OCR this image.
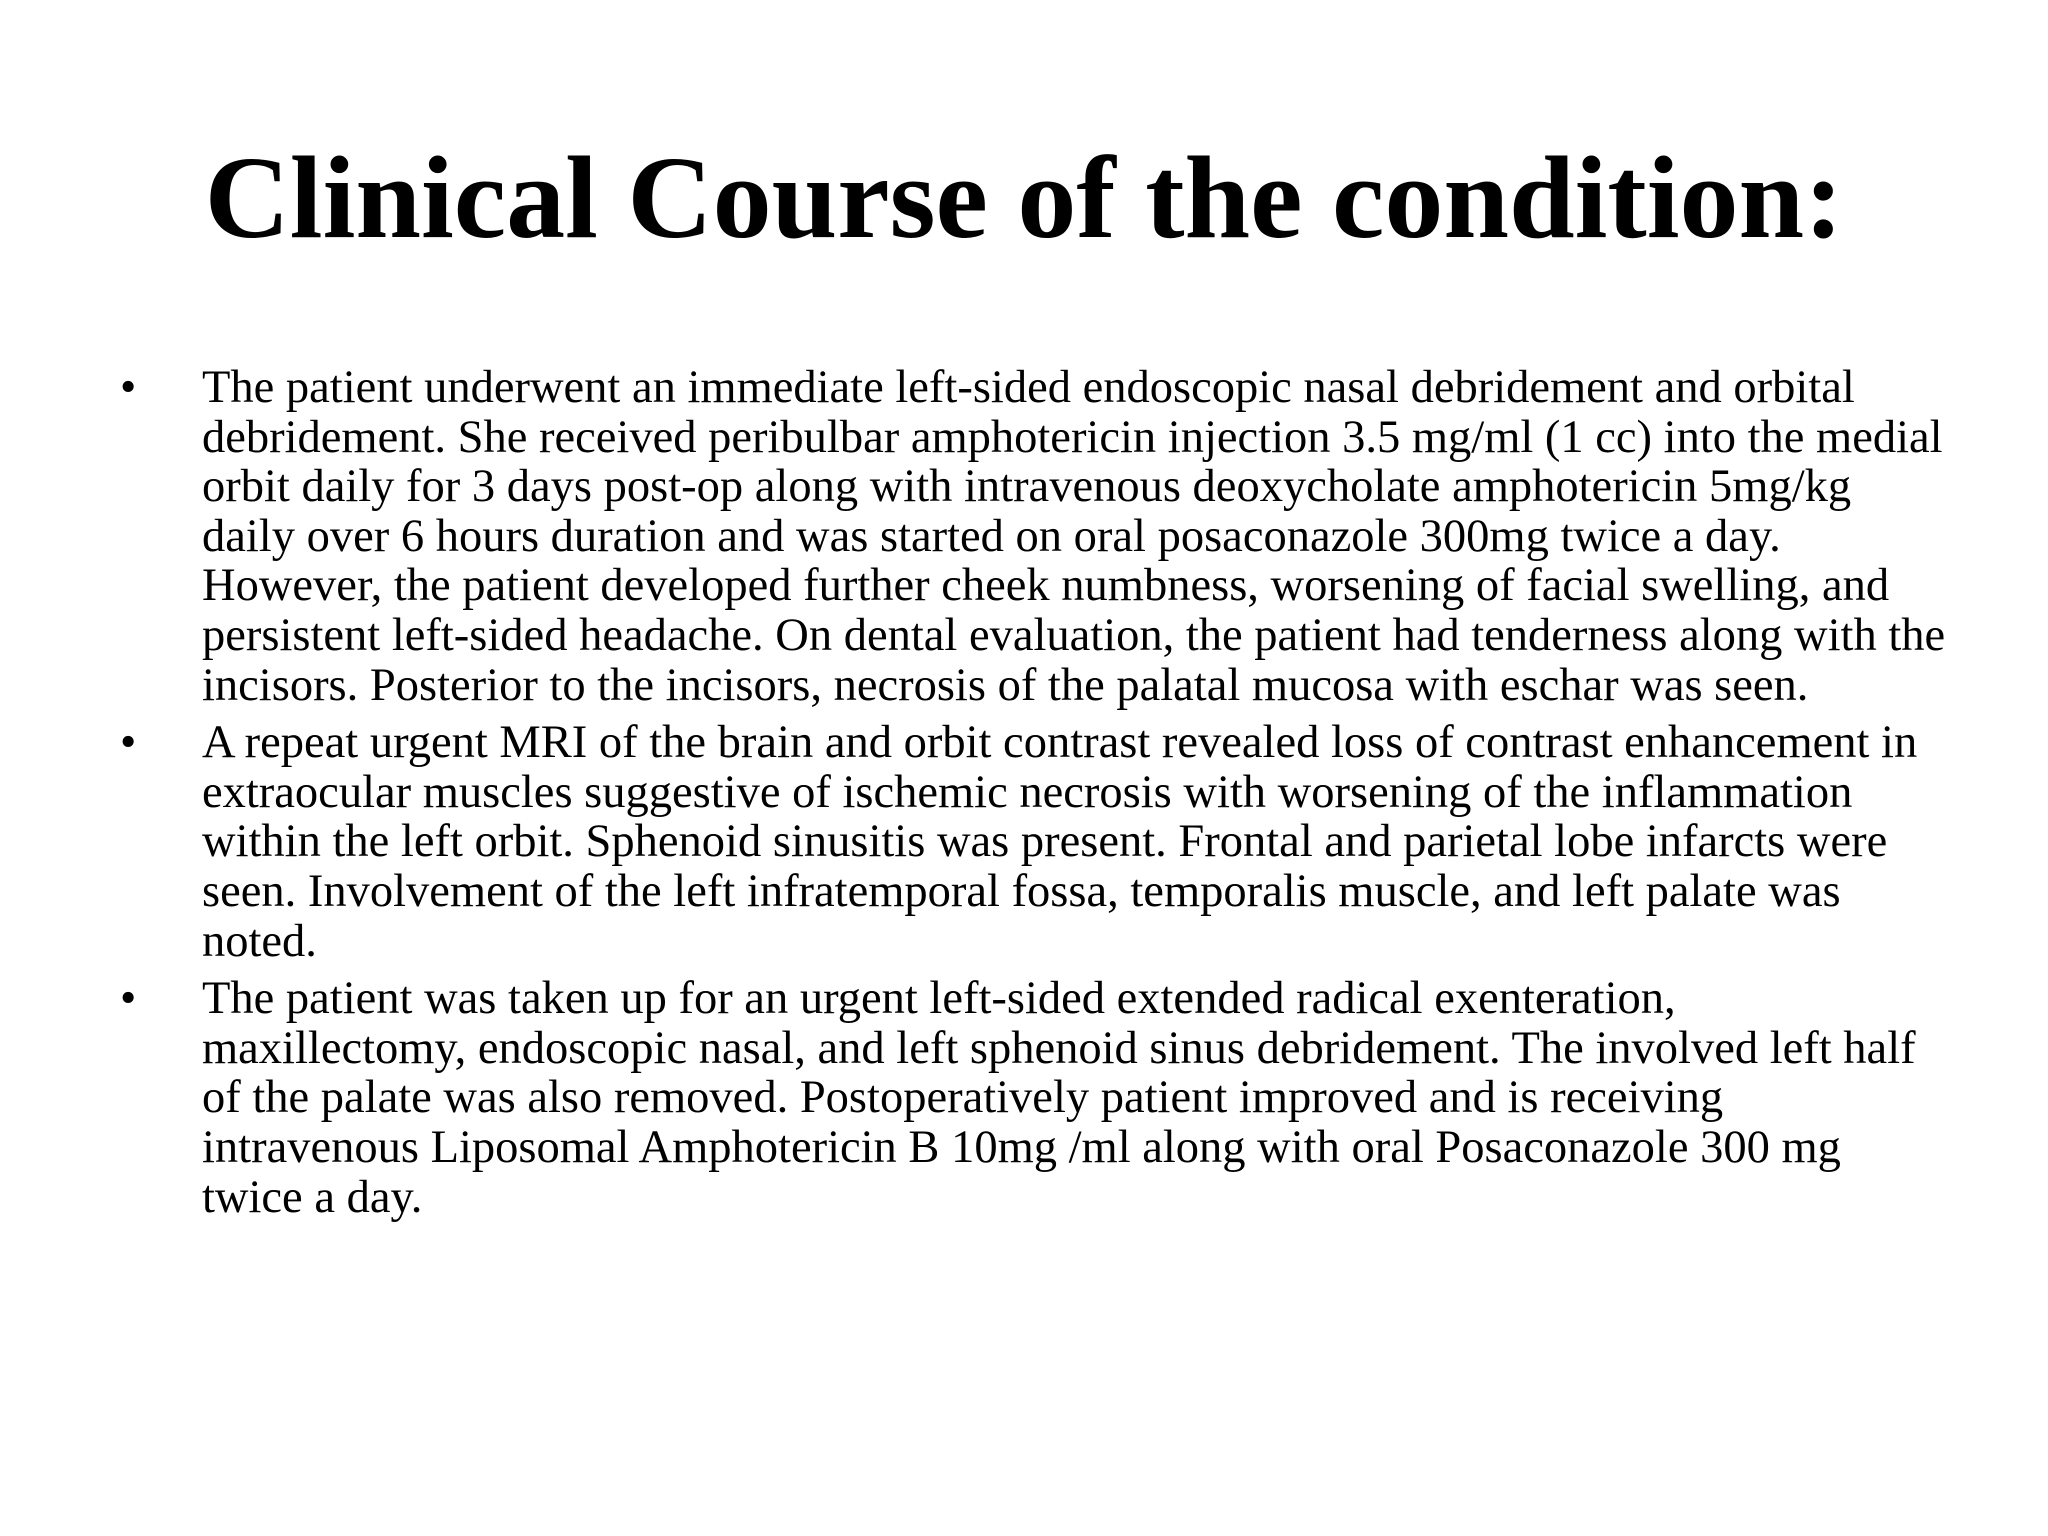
Clinical Course of the condition:
•	The patient underwent an immediate left-sided endoscopic nasal debridement and orbital debridement. She received peribulbar amphotericin injection 3.5 mg/ml (1 cc) into the medial orbit daily for 3 days post-op along with intravenous deoxycholate amphotericin 5mg/kg daily over 6 hours duration and was started on oral posaconazole 300mg twice a day. However, the patient developed further cheek numbness, worsening of facial swelling, and persistent left-sided headache. On dental evaluation, the patient had tenderness along with the incisors. Posterior to the incisors, necrosis of the palatal mucosa with eschar was seen.
•	A repeat urgent MRI of the brain and orbit contrast revealed loss of contrast enhancement in extraocular muscles suggestive of ischemic necrosis with worsening of the inflammation within the left orbit. Sphenoid sinusitis was present. Frontal and parietal lobe infarcts were seen. Involvement of the left infratemporal fossa, temporalis muscle, and left palate was noted.
•	The patient was taken up for an urgent left-sided extended radical exenteration, maxillectomy, endoscopic nasal, and left sphenoid sinus debridement. The involved left half of the palate was also removed. Postoperatively patient improved and is receiving intravenous Liposomal Amphotericin B 10mg /ml along with oral Posaconazole 300 mg twice a day.
